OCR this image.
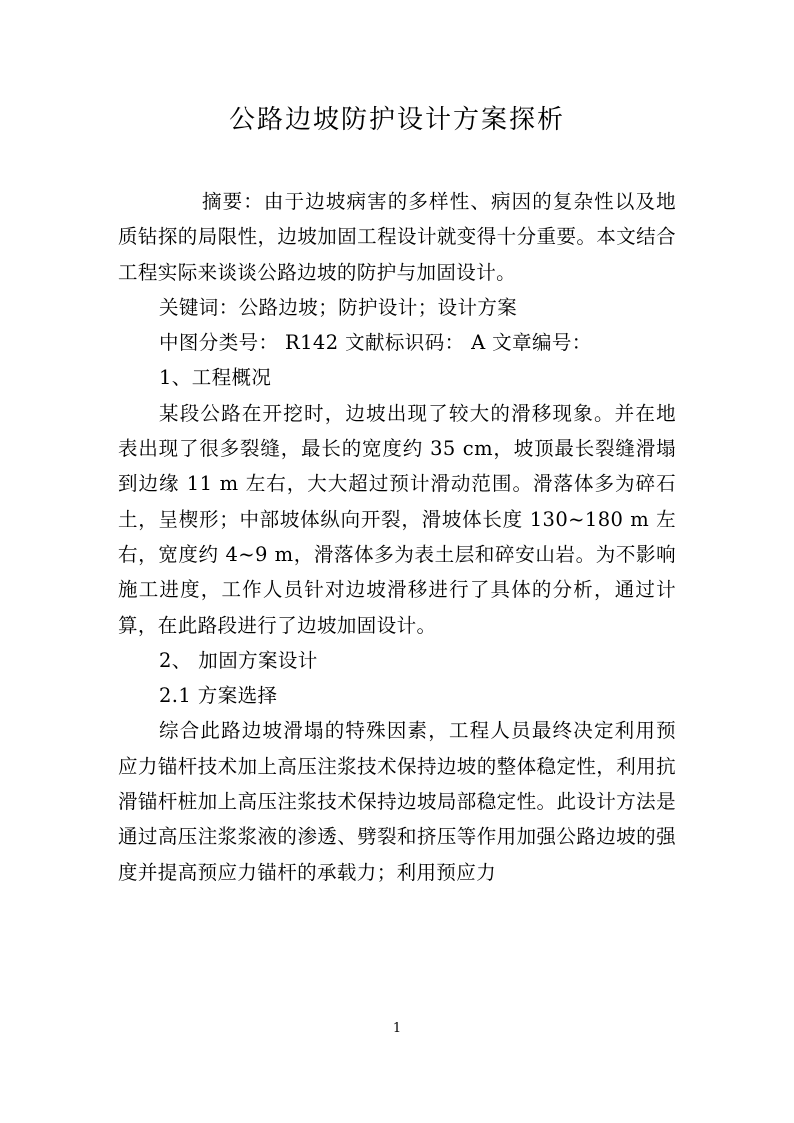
公路边坡防护设计方案探析

摘要：由于边坡病害的多样性、病因的复杂性以及地质钻探的局限性，边坡加固工程设计就变得十分重要。本文结合工程实际来谈谈公路边坡的防护与加固设计。

关键词：公路边坡；防护设计；设计方案

中图分类号： R142 文献标识码： A 文章编号：

1、工程概况

某段公路在开挖时，边坡出现了较大的滑移现象。并在地表出现了很多裂缝，最长的宽度约 35 cm，坡顶最长裂缝滑塌到边缘 11 m 左右，大大超过预计滑动范围。滑落体多为碎石土，呈楔形；中部坡体纵向开裂，滑坡体长度 130~180 m 左右，宽度约 4~9 m，滑落体多为表土层和碎安山岩。为不影响施工进度，工作人员针对边坡滑移进行了具体的分析，通过计算，在此路段进行了边坡加固设计。

2、 加固方案设计

2.1 方案选择

综合此路边坡滑塌的特殊因素，工程人员最终决定利用预应力锚杆技术加上高压注浆技术保持边坡的整体稳定性，利用抗滑锚杆桩加上高压注浆技术保持边坡局部稳定性。此设计方法是通过高压注浆浆液的渗透、劈裂和挤压等作用加强公路边坡的强度并提高预应力锚杆的承载力；利用预应力

1
